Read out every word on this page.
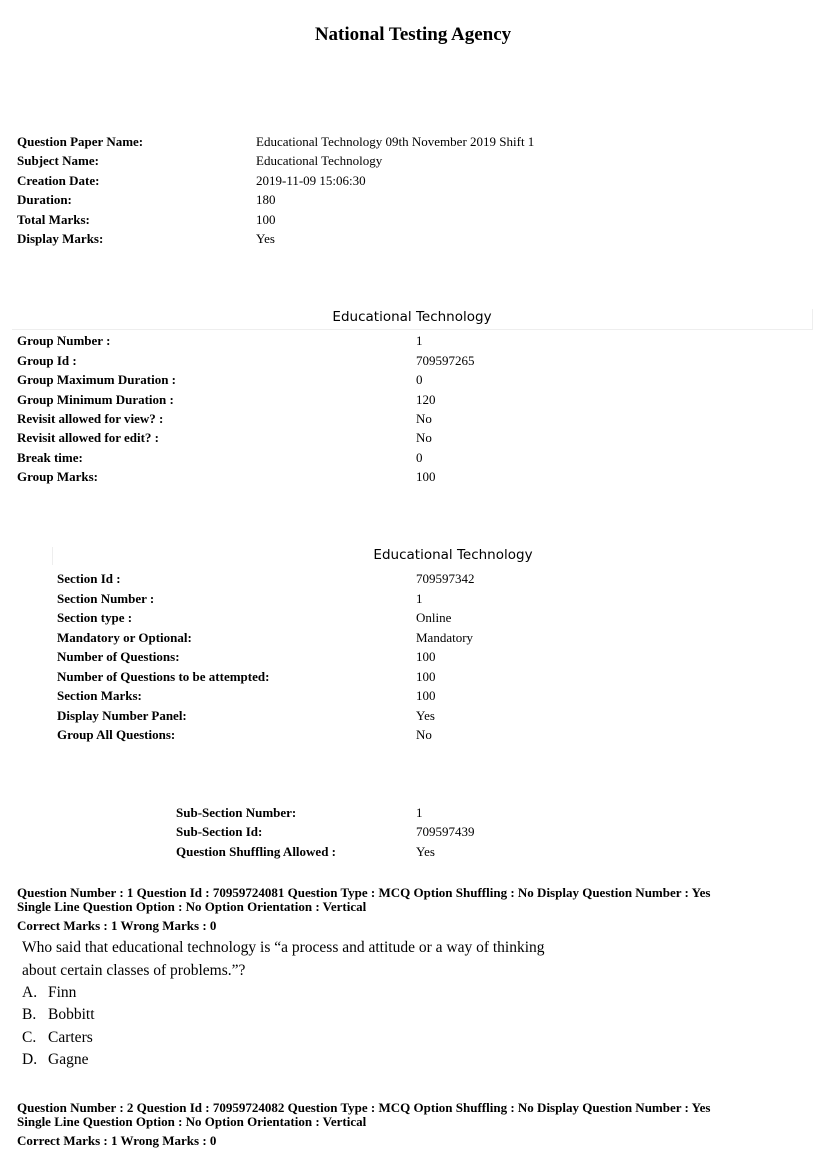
National Testing Agency
Question Paper Name:	Educational Technology 09th November 2019 Shift 1
Subject Name:	Educational Technology
Creation Date:	2019-11-09 15:06:30
Duration:	180
Total Marks:	100
Display Marks:	Yes
Educational Technology
Group Number :	1
Group Id :	709597265
Group Maximum Duration :	0
Group Minimum Duration :	120
Revisit allowed for view? :	No
Revisit allowed for edit? :	No
Break time:	0
Group Marks:	100
Educational Technology
Section Id :	709597342
Section Number :	1
Section type :	Online
Mandatory or Optional:	Mandatory
Number of Questions:	100
Number of Questions to be attempted:	100
Section Marks:	100
Display Number Panel:	Yes
Group All Questions:	No
Sub-Section Number:	1
Sub-Section Id:	709597439
Question Shuffling Allowed :	Yes
Question Number : 1 Question Id : 70959724081 Question Type : MCQ Option Shuffling : No Display Question Number : Yes
Single Line Question Option : No Option Orientation : Vertical
Correct Marks : 1 Wrong Marks : 0
Who said that educational technology is “a process and attitude or a way of thinking
about certain classes of problems.”?
A. Finn
B. Bobbitt
C. Carters
D. Gagne
Question Number : 2 Question Id : 70959724082 Question Type : MCQ Option Shuffling : No Display Question Number : Yes
Single Line Question Option : No Option Orientation : Vertical
Correct Marks : 1 Wrong Marks : 0
